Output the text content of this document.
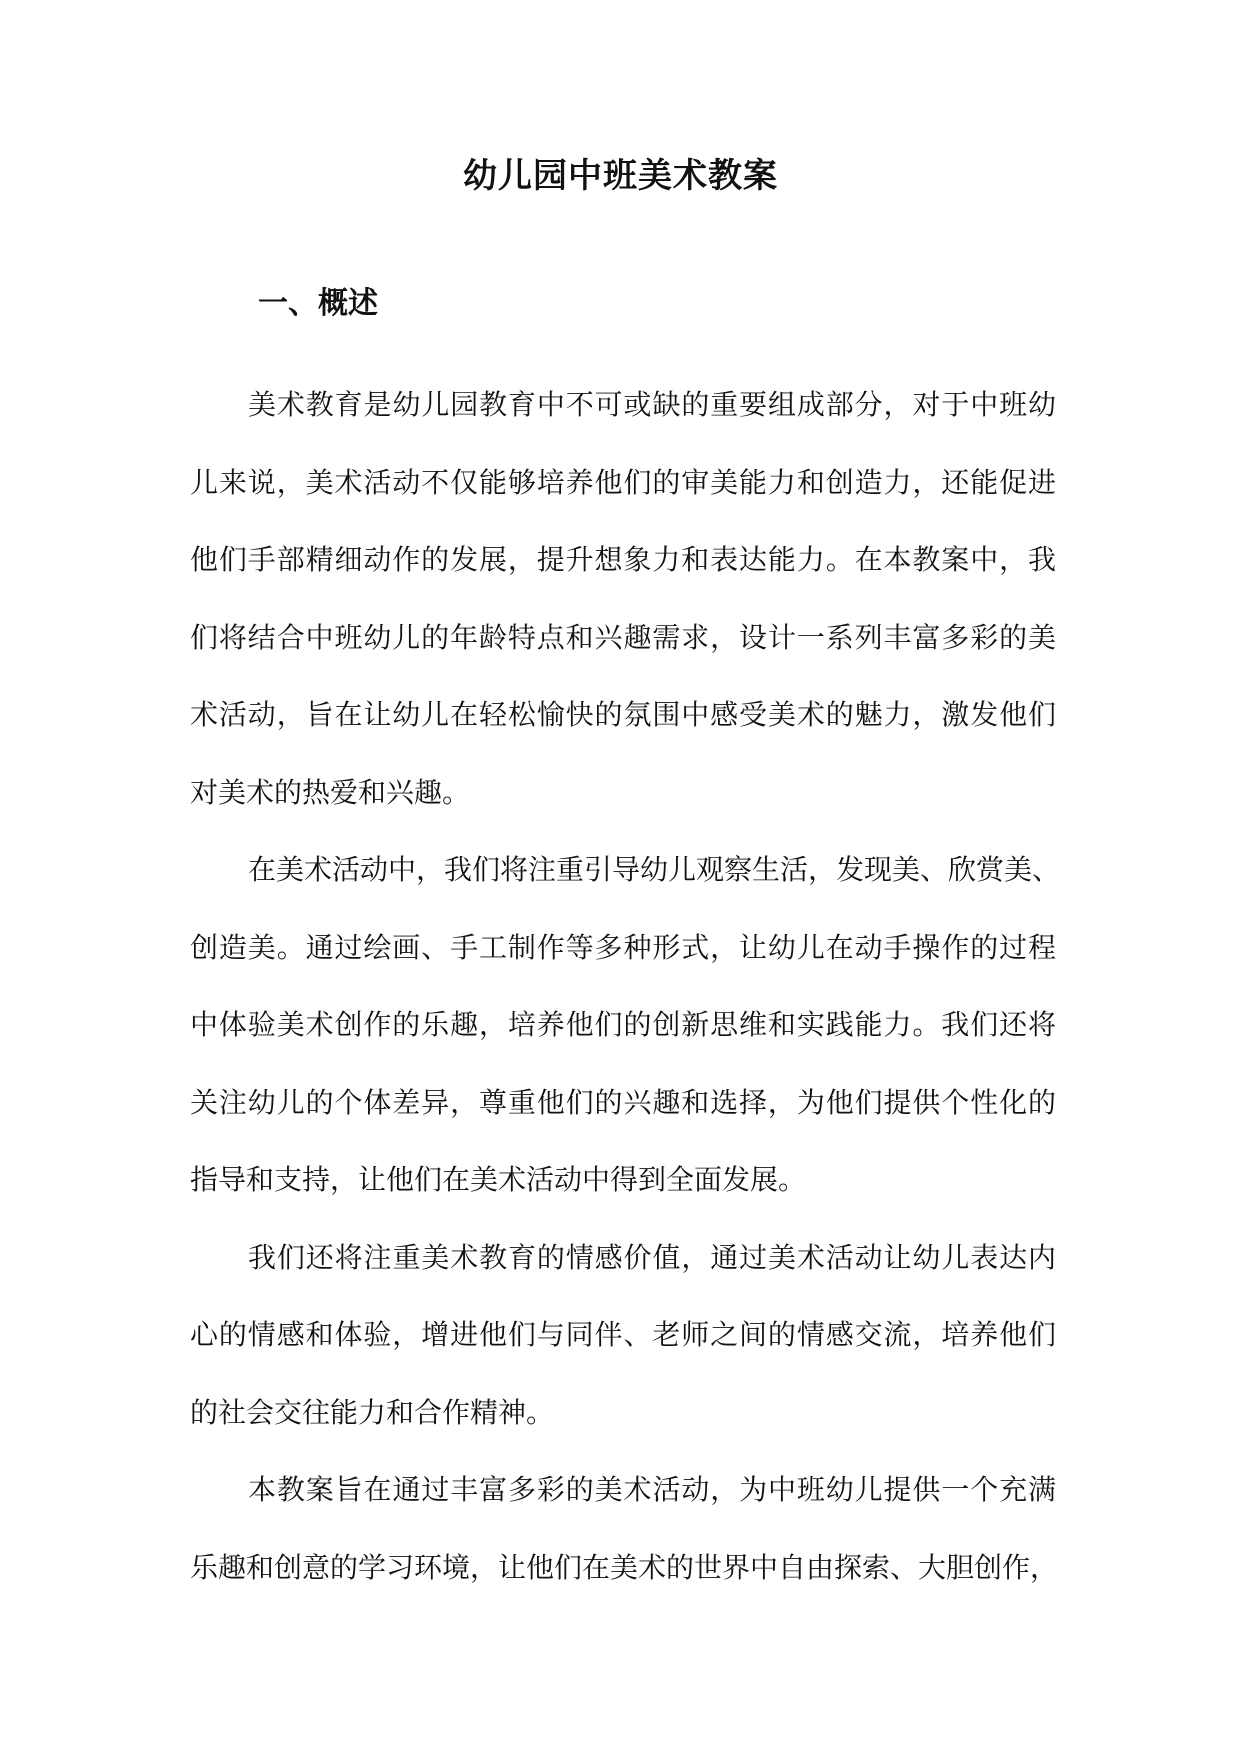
幼儿园中班美术教案
一、概述

美术教育是幼儿园教育中不可或缺的重要组成部分，对于中班幼
儿来说，美术活动不仅能够培养他们的审美能力和创造力，还能促进
他们手部精细动作的发展，提升想象力和表达能力。在本教案中，我
们将结合中班幼儿的年龄特点和兴趣需求，设计一系列丰富多彩的美
术活动，旨在让幼儿在轻松愉快的氛围中感受美术的魅力，激发他们
对美术的热爱和兴趣。

在美术活动中，我们将注重引导幼儿观察生活，发现美、欣赏美、
创造美。通过绘画、手工制作等多种形式，让幼儿在动手操作的过程
中体验美术创作的乐趣，培养他们的创新思维和实践能力。我们还将
关注幼儿的个体差异，尊重他们的兴趣和选择，为他们提供个性化的
指导和支持，让他们在美术活动中得到全面发展。

我们还将注重美术教育的情感价值，通过美术活动让幼儿表达内
心的情感和体验，增进他们与同伴、老师之间的情感交流，培养他们
的社会交往能力和合作精神。

本教案旨在通过丰富多彩的美术活动，为中班幼儿提供一个充满
乐趣和创意的学习环境，让他们在美术的世界中自由探索、大胆创作，
